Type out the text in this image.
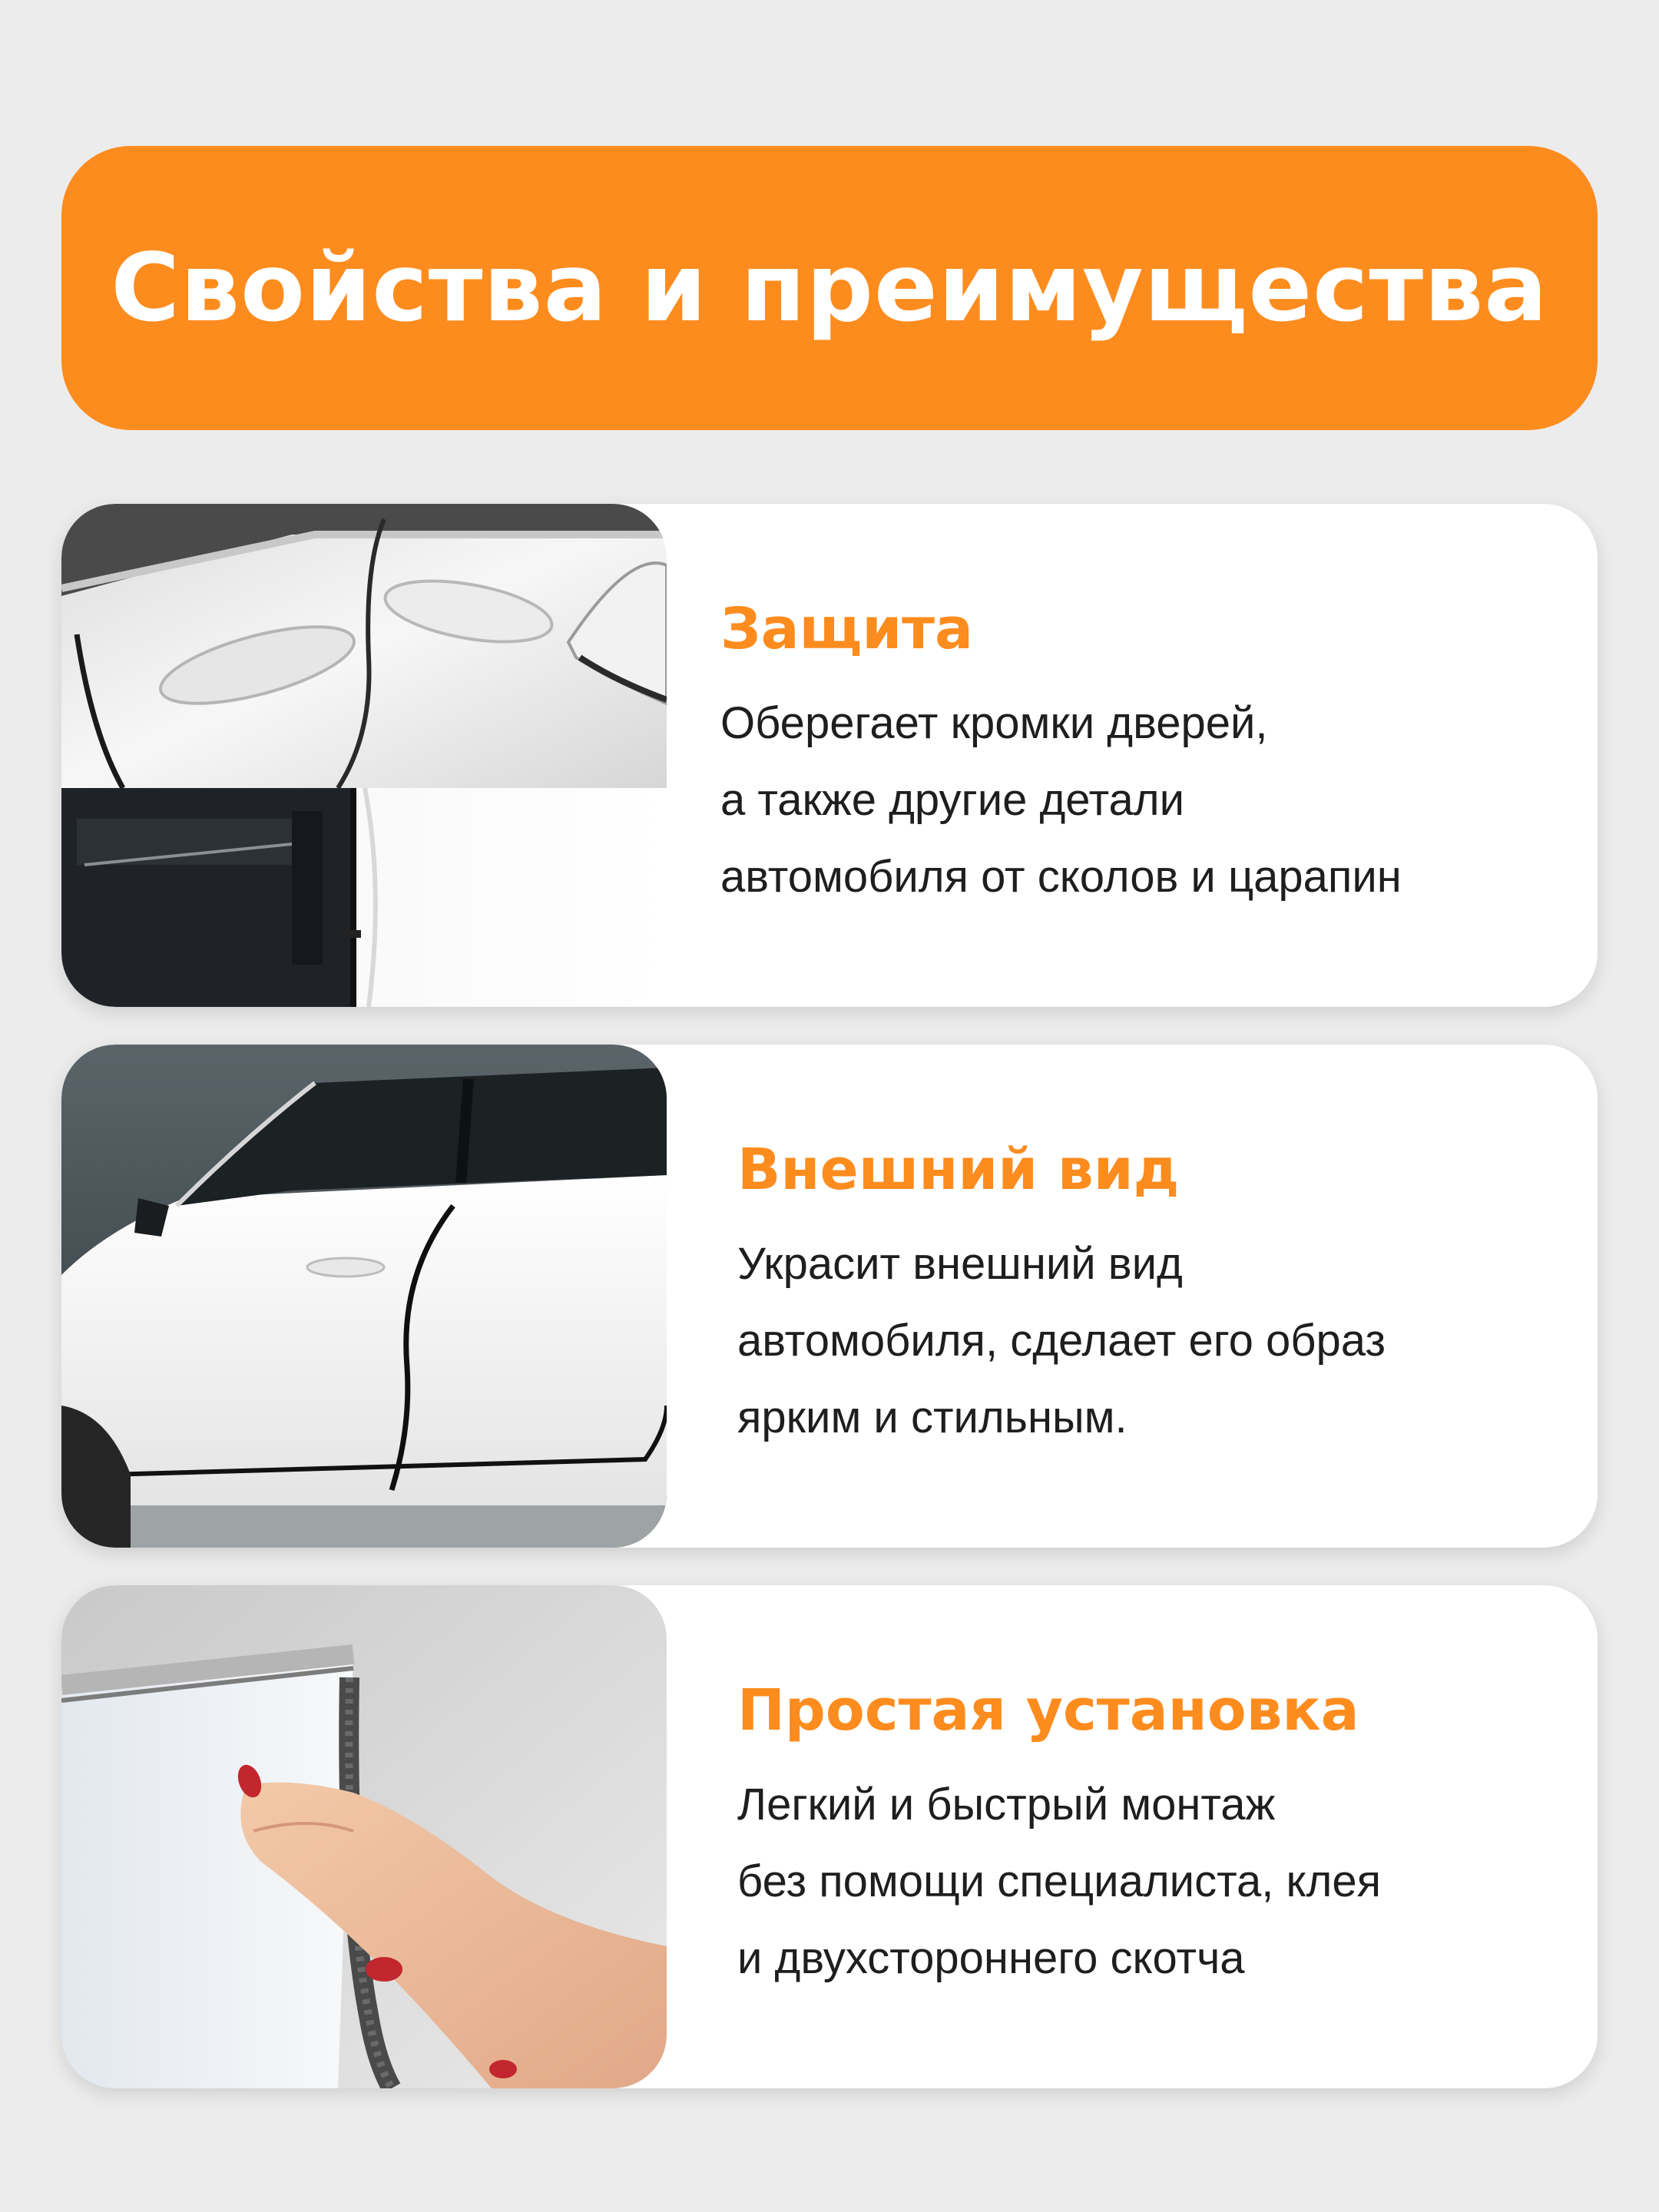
Свойства и преимущества
Защита

Оберегает кромки дверей,
а также другие детали
автомобиля от сколов и царапин

Внешний вид

Украсит внешний вид
автомобиля, сделает его образ
ярким и стильным.

Простая установка

Легкий и быстрый монтаж
без помощи специалиста, клея
и двухстороннего скотча
